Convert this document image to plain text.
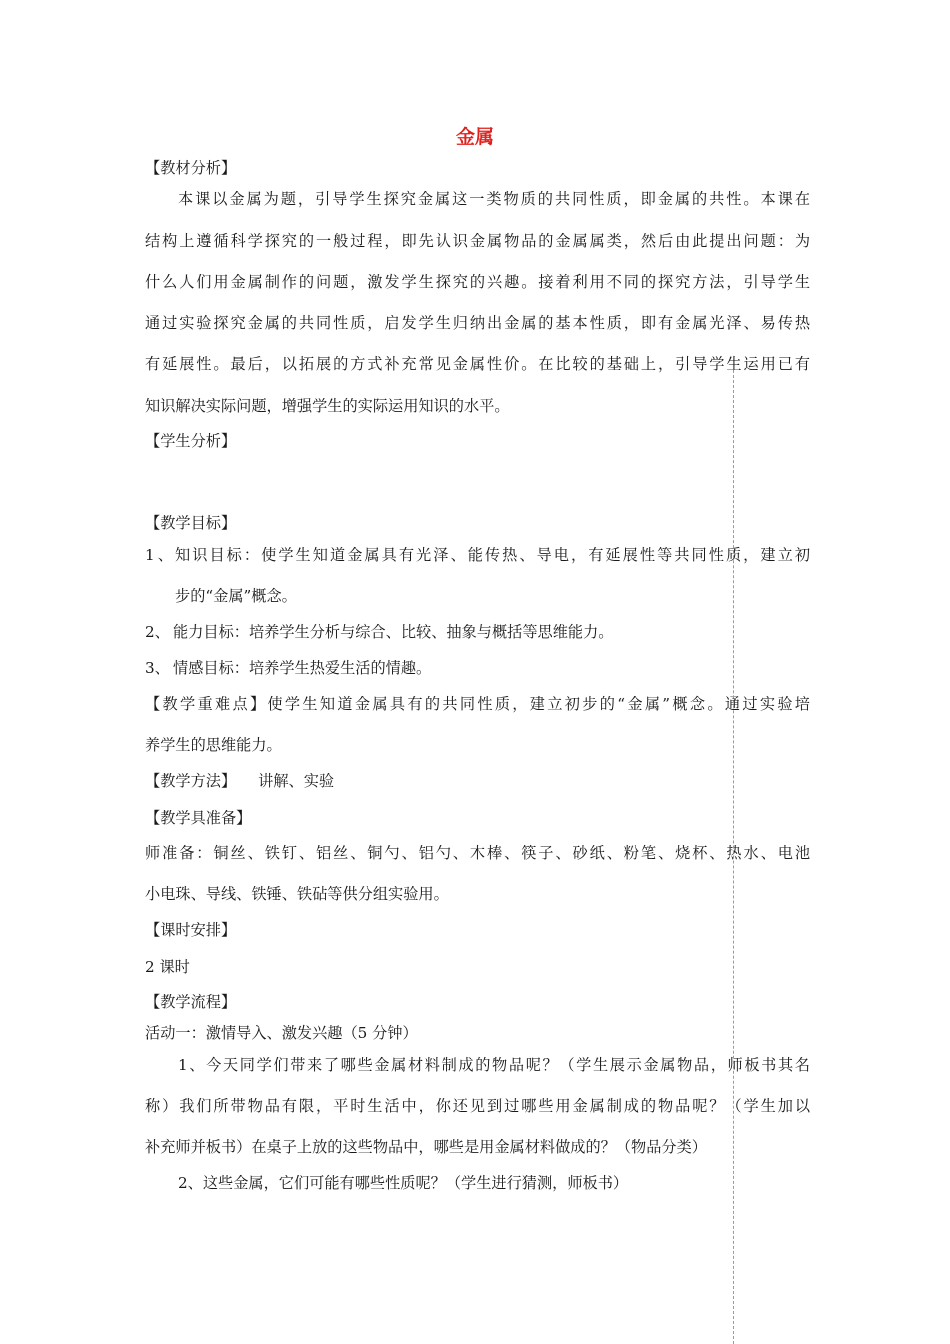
金属
【教材分析】
本课以金属为题，引导学生探究金属这一类物质的共同性质，即金属的共性。本课在
结构上遵循科学探究的一般过程，即先认识金属物品的金属属类，然后由此提出问题：为
什么人们用金属制作的问题，激发学生探究的兴趣。接着利用不同的探究方法，引导学生
通过实验探究金属的共同性质，启发学生归纳出金属的基本性质，即有金属光泽、易传热
有延展性。最后，以拓展的方式补充常见金属性价。在比较的基础上，引导学生运用已有
知识解决实际问题，增强学生的实际运用知识的水平。
【学生分析】
【教学目标】
1、知识目标：使学生知道金属具有光泽、能传热、导电，有延展性等共同性质，建立初
步的“金属”概念。
2、 能力目标：培养学生分析与综合、比较、抽象与概括等思维能力。
3、 情感目标：培养学生热爱生活的情趣。
【教学重难点】使学生知道金属具有的共同性质，建立初步的“金属”概念。通过实验培
养学生的思维能力。
【教学方法】 讲解、实验
【教学具准备】
师准备：铜丝、铁钉、铝丝、铜勺、铝勺、木棒、筷子、砂纸、粉笔、烧杯、热水、电池
小电珠、导线、铁锤、铁砧等供分组实验用。
【课时安排】
2 课时
【教学流程】
活动一：激情导入、激发兴趣（5 分钟）
1、今天同学们带来了哪些金属材料制成的物品呢？（学生展示金属物品，师板书其名
称）我们所带物品有限，平时生活中，你还见到过哪些用金属制成的物品呢？（学生加以
补充师并板书）在桌子上放的这些物品中，哪些是用金属材料做成的？（物品分类）
2、这些金属，它们可能有哪些性质呢？（学生进行猜测，师板书）
